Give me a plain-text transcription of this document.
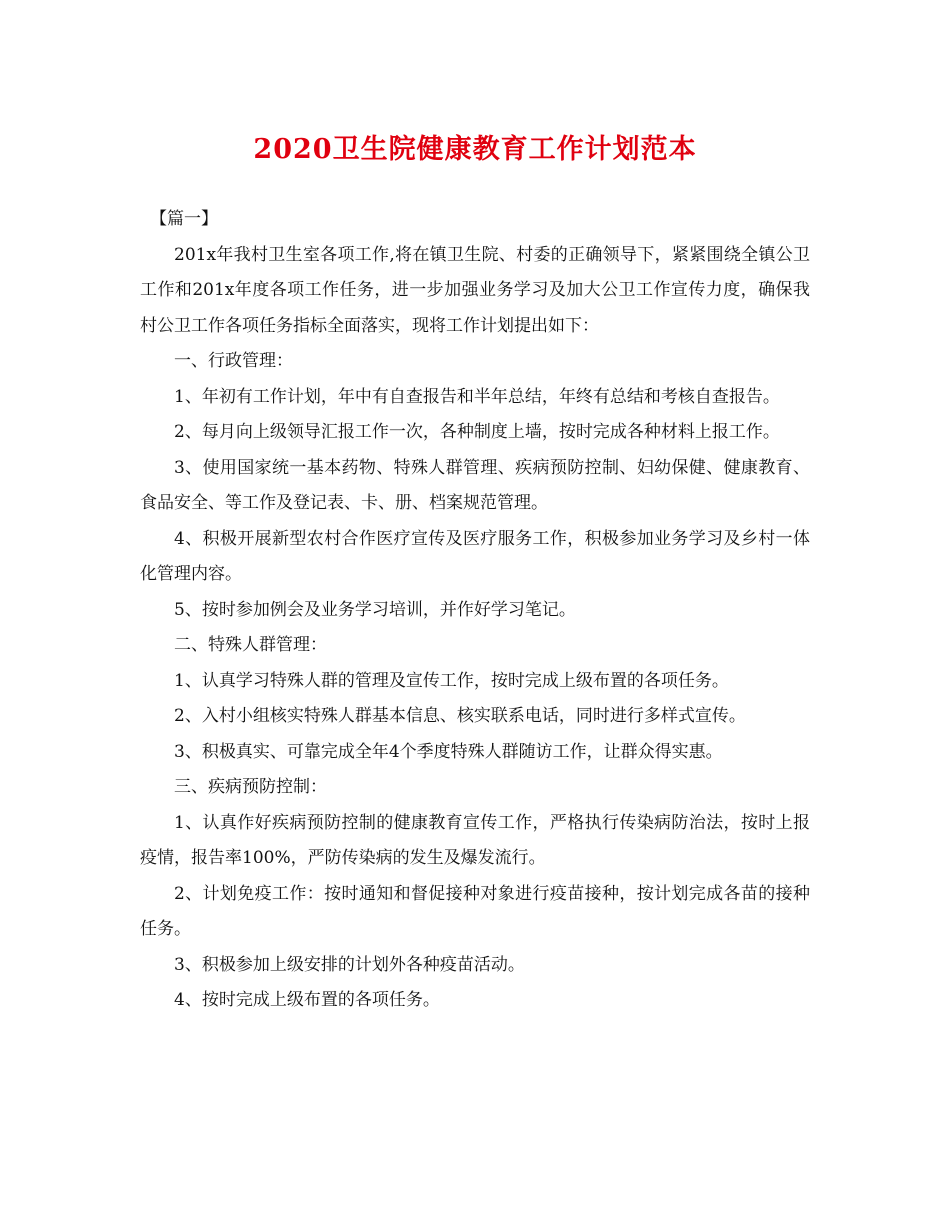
2020卫生院健康教育工作计划范本

【篇一】

201x年我村卫生室各项工作,将在镇卫生院、村委的正确领导下，紧紧围绕全镇公卫工作和201x年度各项工作任务，进一步加强业务学习及加大公卫工作宣传力度，确保我村公卫工作各项任务指标全面落实，现将工作计划提出如下：

一、行政管理：

1、年初有工作计划，年中有自查报告和半年总结，年终有总结和考核自查报告。

2、每月向上级领导汇报工作一次，各种制度上墙，按时完成各种材料上报工作。

3、使用国家统一基本药物、特殊人群管理、疾病预防控制、妇幼保健、健康教育、食品安全、等工作及登记表、卡、册、档案规范管理。

4、积极开展新型农村合作医疗宣传及医疗服务工作，积极参加业务学习及乡村一体化管理内容。

5、按时参加例会及业务学习培训，并作好学习笔记。

二、特殊人群管理：

1、认真学习特殊人群的管理及宣传工作，按时完成上级布置的各项任务。

2、入村小组核实特殊人群基本信息、核实联系电话，同时进行多样式宣传。

3、积极真实、可靠完成全年4个季度特殊人群随访工作，让群众得实惠。

三、疾病预防控制：

1、认真作好疾病预防控制的健康教育宣传工作，严格执行传染病防治法，按时上报疫情，报告率100%，严防传染病的发生及爆发流行。

2、计划免疫工作：按时通知和督促接种对象进行疫苗接种，按计划完成各苗的接种任务。

3、积极参加上级安排的计划外各种疫苗活动。

4、按时完成上级布置的各项任务。
